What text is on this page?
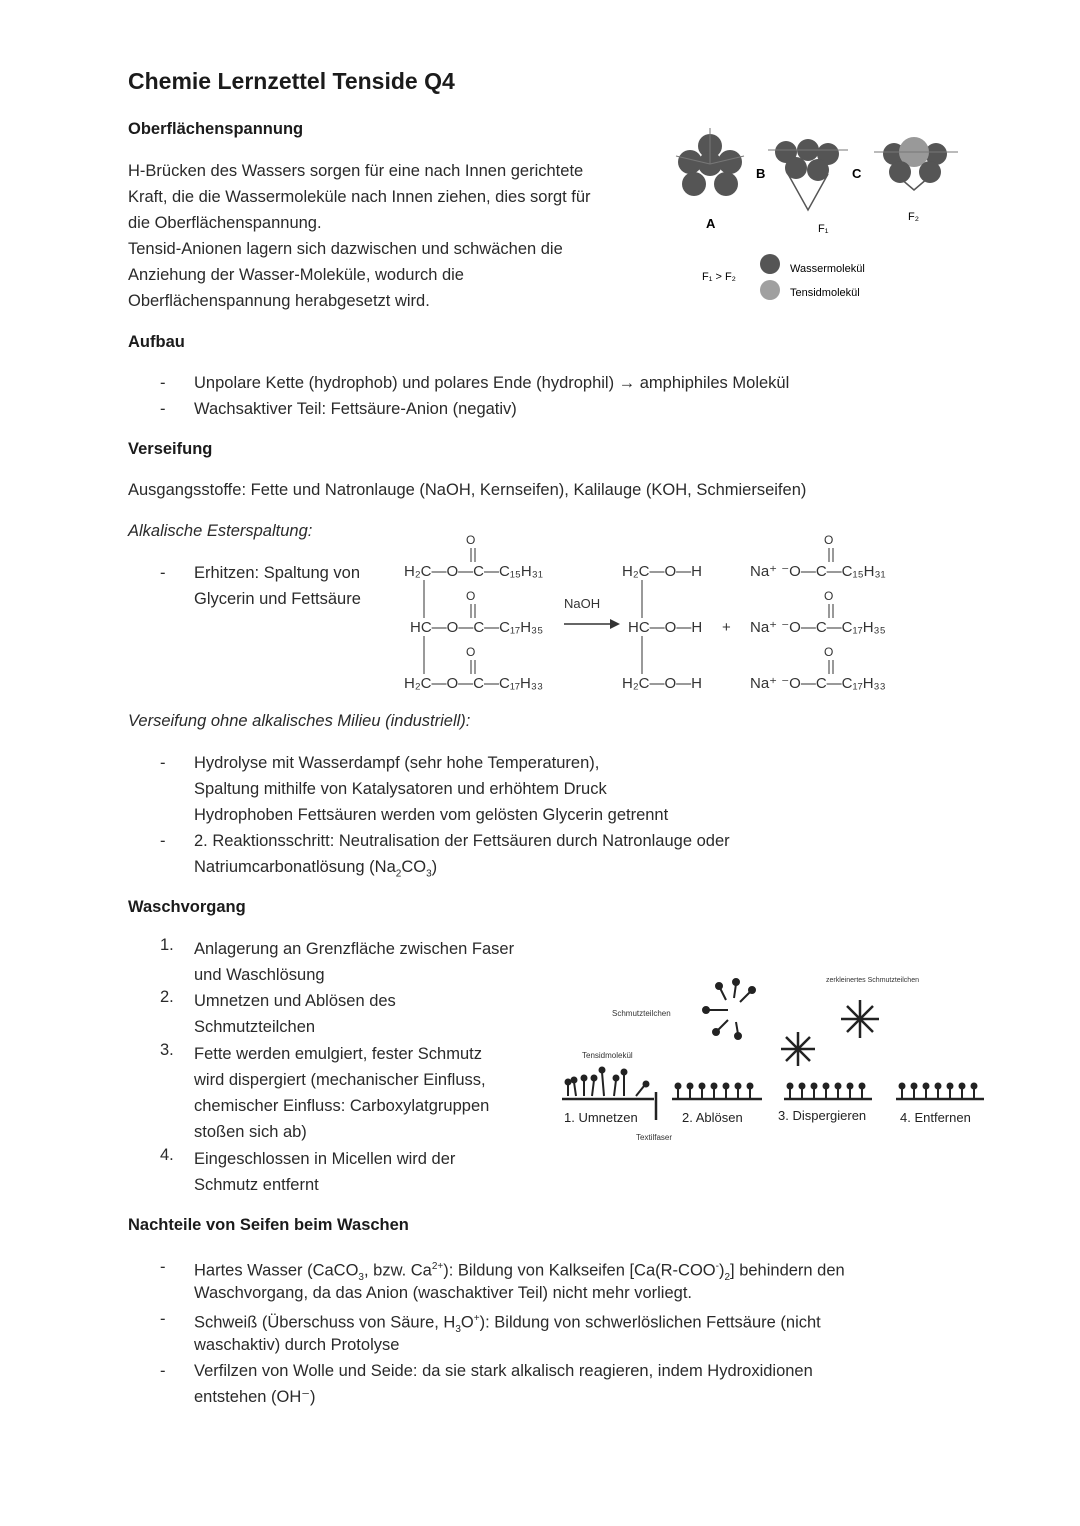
Chemie Lernzettel Tenside Q4
Oberflächenspannung
H-Brücken des Wassers sorgen für eine nach Innen gerichtete
Kraft, die die Wassermoleküle nach Innen ziehen, dies sorgt für
die Oberflächenspannung.
Tensid-Anionen lagern sich dazwischen und schwächen die
Anziehung der Wasser-Moleküle, wodurch die
Oberflächenspannung herabgesetzt wird.
A
B
F₁
C
F₂
F₁ > F₂
Wassermolekül
Tensidmolekül
Aufbau
- Unpolare Kette (hydrophob) und polares Ende (hydrophil) → amphiphiles Molekül
- Wachsaktiver Teil: Fettsäure-Anion (negativ)
Verseifung
Ausgangsstoffe: Fette und Natronlauge (NaOH, Kernseifen), Kalilauge (KOH, Schmierseifen)
Alkalische Esterspaltung:
- Erhitzen: Spaltung von
Glycerin und Fettsäure
O
H₂C—O—C—C₁₅H₃₁
O
HC—O—C—C₁₇H₃₅
O
H₂C—O—C—C₁₇H₃₃
NaOH
H₂C—O—H
HC—O—H
H₂C—O—H
+
O
Na⁺ ⁻O—C—C₁₅H₃₁
O
Na⁺ ⁻O—C—C₁₇H₃₅
O
Na⁺ ⁻O—C—C₁₇H₃₃
Verseifung ohne alkalisches Milieu (industriell):
- Hydrolyse mit Wasserdampf (sehr hohe Temperaturen),
Spaltung mithilfe von Katalysatoren und erhöhtem Druck
Hydrophoben Fettsäuren werden vom gelösten Glycerin getrennt
- 2. Reaktionsschritt: Neutralisation der Fettsäuren durch Natronlauge oder
Natriumcarbonatlösung $(Na_2CO_3)$
Waschvorgang
1. Anlagerung an Grenzfläche zwischen Faser
und Waschlösung
2. Umnetzen und Ablösen des
Schmutzteilchen
3. Fette werden emulgiert, fester Schmutz
wird dispergiert (mechanischer Einfluss,
chemischer Einfluss: Carboxylatgruppen
stoßen sich ab)
4. Eingeschlossen in Micellen wird der
Schmutz entfernt
Schmutzteilchen
Tensidmolekül
zerkleinertes Schmutzteilchen
Textilfaser
1. Umnetzen	2. Ablösen	3. Dispergieren	4. Entfernen
Nachteile von Seifen beim Waschen
- Hartes Wasser (CaCO$_3$, bzw. $Ca^{2+}$): Bildung von Kalkseifen $[Ca(R-COO^-)_2]$ behindern den
Waschvorgang, da das Anion (waschaktiver Teil) nicht mehr vorliegt.
- Schweiß (Überschuss von Säure, $H_3O^+$): Bildung von schwerlöslichen Fettsäure (nicht
waschaktiv) durch Protolyse
- Verfilzen von Wolle und Seide: da sie stark alkalisch reagieren, indem Hydroxidionen
entstehen (OH⁻)
